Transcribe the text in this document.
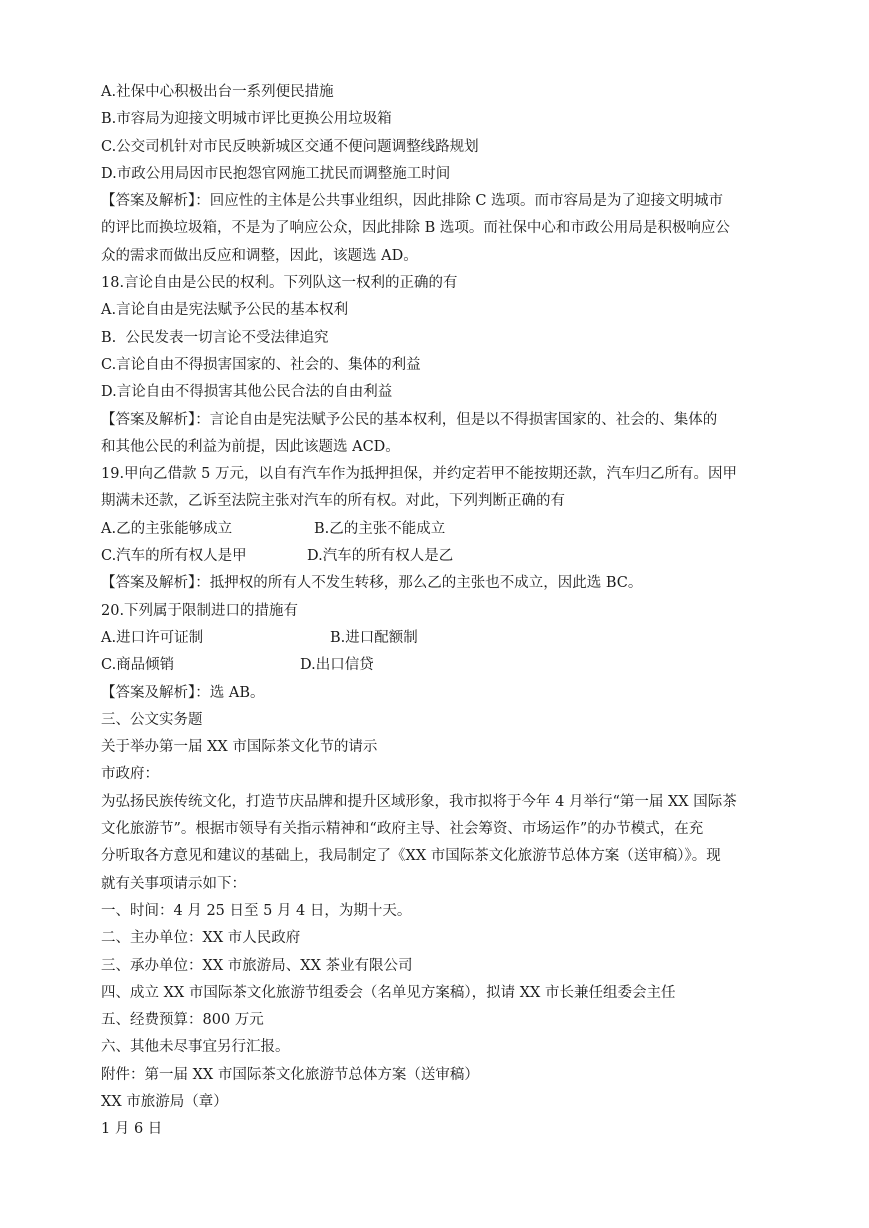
A.社保中心积极出台一系列便民措施
B.市容局为迎接文明城市评比更换公用垃圾箱
C.公交司机针对市民反映新城区交通不便问题调整线路规划
D.市政公用局因市民抱怨官网施工扰民而调整施工时间
【答案及解析】：回应性的主体是公共事业组织，因此排除 C 选项。而市容局是为了迎接文明城市
的评比而换垃圾箱，不是为了响应公众，因此排除 B 选项。而社保中心和市政公用局是积极响应公
众的需求而做出反应和调整，因此，该题选 AD。
18.言论自由是公民的权利。下列队这一权利的正确的有
A.言论自由是宪法赋予公民的基本权利
B.  公民发表一切言论不受法律追究
C.言论自由不得损害国家的、社会的、集体的利益
D.言论自由不得损害其他公民合法的自由利益
【答案及解析】：言论自由是宪法赋予公民的基本权利，但是以不得损害国家的、社会的、集体的
和其他公民的利益为前提，因此该题选 ACD。
19.甲向乙借款 5 万元，以自有汽车作为抵押担保，并约定若甲不能按期还款，汽车归乙所有。因甲
期满未还款，乙诉至法院主张对汽车的所有权。对此，下列判断正确的有
A.乙的主张能够成立	B.乙的主张不能成立
C.汽车的所有权人是甲	D.汽车的所有权人是乙
【答案及解析】：抵押权的所有人不发生转移，那么乙的主张也不成立，因此选 BC。
20.下列属于限制进口的措施有
A.进口许可证制	B.进口配额制
C.商品倾销	D.出口信贷
【答案及解析】：选 AB。
三、公文实务题
关于举办第一届 XX 市国际茶文化节的请示
市政府：
为弘扬民族传统文化，打造节庆品牌和提升区域形象，我市拟将于今年 4 月举行“第一届 XX 国际茶
文化旅游节”。根据市领导有关指示精神和“政府主导、社会筹资、市场运作”的办节模式，在充
分听取各方意见和建议的基础上，我局制定了《XX 市国际茶文化旅游节总体方案（送审稿）》。现
就有关事项请示如下：
一、时间：4 月 25 日至 5 月 4 日，为期十天。
二、主办单位：XX 市人民政府
三、承办单位：XX 市旅游局、XX 茶业有限公司
四、成立 XX 市国际茶文化旅游节组委会（名单见方案稿），拟请 XX 市长兼任组委会主任
五、经费预算：800 万元
六、其他未尽事宜另行汇报。
附件：第一届 XX 市国际茶文化旅游节总体方案（送审稿）
XX 市旅游局（章）
1 月 6 日
